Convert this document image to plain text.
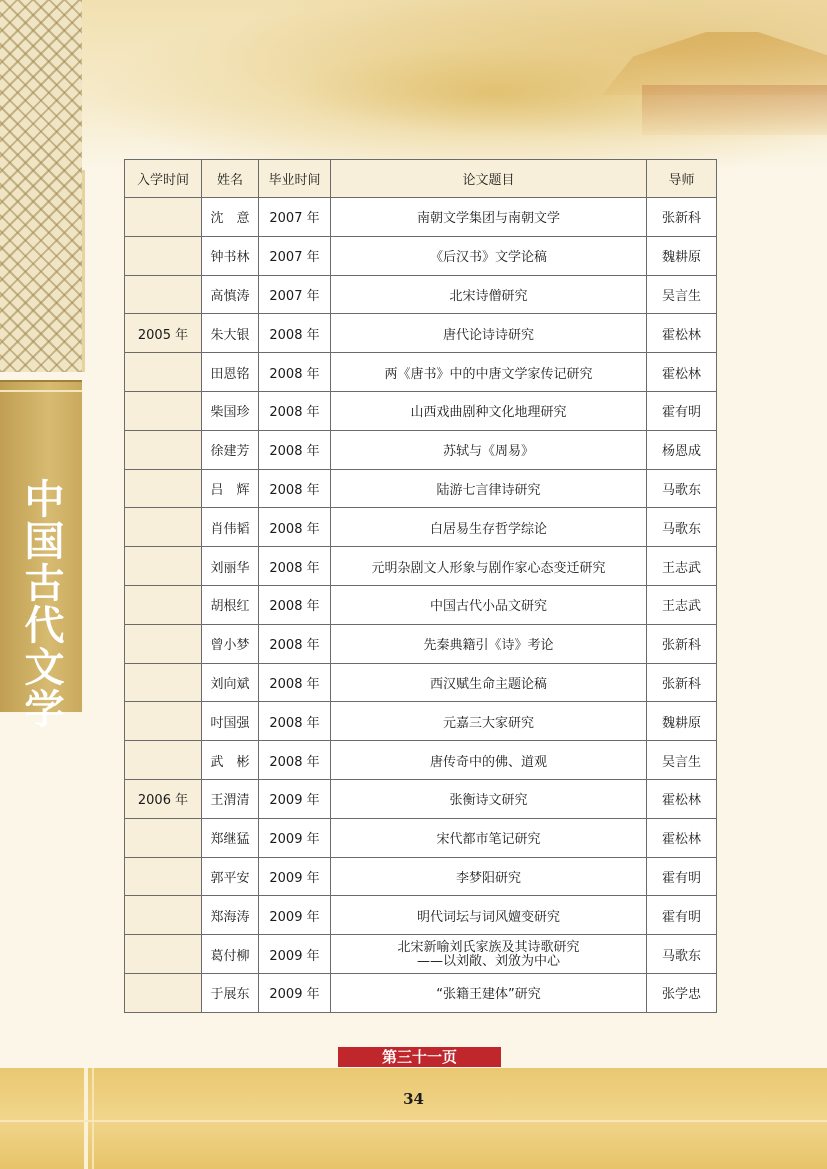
中国古代文学
入学时间	姓名	毕业时间	论文题目	导师
	沈　意	2007 年	南朝文学集团与南朝文学	张新科
	钟书林	2007 年	《后汉书》文学论稿	魏耕原
	高慎涛	2007 年	北宋诗僧研究	吴言生
2005 年	朱大银	2008 年	唐代论诗诗研究	霍松林
	田恩铭	2008 年	两《唐书》中的中唐文学家传记研究	霍松林
	柴国珍	2008 年	山西戏曲剧种文化地理研究	霍有明
	徐建芳	2008 年	苏轼与《周易》	杨恩成
	吕　辉	2008 年	陆游七言律诗研究	马歌东
	肖伟韬	2008 年	白居易生存哲学综论	马歌东
	刘丽华	2008 年	元明杂剧文人形象与剧作家心态变迁研究	王志武
	胡根红	2008 年	中国古代小品文研究	王志武
	曾小梦	2008 年	先秦典籍引《诗》考论	张新科
	刘向斌	2008 年	西汉赋生命主题论稿	张新科
	吋国强	2008 年	元嘉三大家研究	魏耕原
	武　彬	2008 年	唐传奇中的佛、道观	吴言生
2006 年	王渭清	2009 年	张衡诗文研究	霍松林
	郑继猛	2009 年	宋代都市笔记研究	霍松林
	郭平安	2009 年	李梦阳研究	霍有明
	郑海涛	2009 年	明代词坛与词风嬗变研究	霍有明
	葛付柳	2009 年	北宋新喻刘氏家族及其诗歌研究
——以刘敞、刘攽为中心	马歌东
	于展东	2009 年	“张籍王建体”研究	张学忠
第三十一页
34
